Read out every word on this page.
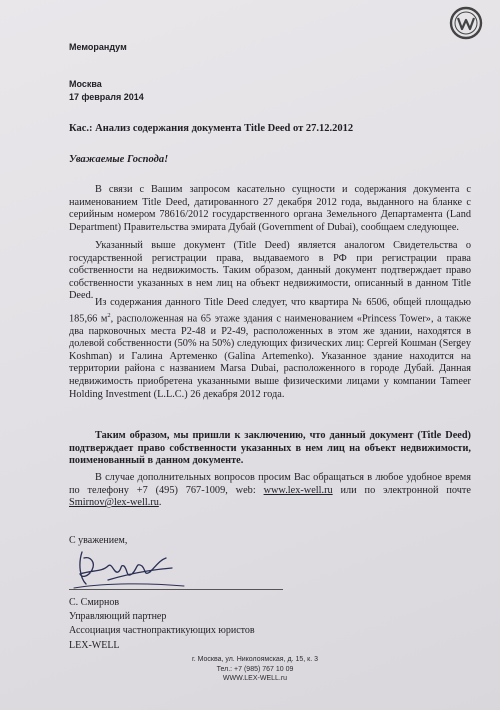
Меморандум
Москва
17 февраля 2014
Кас.: Анализ содержания документа Title Deed от 27.12.2012
Уважаемые Господа!

В связи с Вашим запросом касательно сущности и содержания документа с наименованием Title Deed, датированного 27 декабря 2012 года, выданного на бланке с серийным номером 78616/2012 государственного органа Земельного Департамента (Land Department) Правительства эмирата Дубай (Government of Dubai), сообщаем следующее.

Указанный выше документ (Title Deed) является аналогом Свидетельства о государственной регистрации права, выдаваемого в РФ при регистрации права собственности на недвижимость. Таким образом, данный документ подтверждает право собственности указанных в нем лиц на объект недвижимости, описанный в данном Title Deed.

Из содержания данного Title Deed следует, что квартира № 6506, общей площадью 185,66 $м^2$, расположенная на 65 этаже здания с наименованием «Princess Tower», а также два парковочных места P2-48 и P2-49, расположенных в этом же здании, находятся в долевой собственности (50% на 50%) следующих физических лиц: Сергей Кошман (Sergey Koshman) и Галина Артеменко (Galina Artemenko). Указанное здание находится на территории района с названием Marsa Dubai, расположенного в городе Дубай. Данная недвижимость приобретена указанными выше физическими лицами у компании Tameer Holding Investment (L.L.C.) 26 декабря 2012 года.

Таким образом, мы пришли к заключению, что данный документ (Title Deed) подтверждает право собственности указанных в нем лиц на объект недвижимости, поименованный в данном документе.

В случае дополнительных вопросов просим Вас обращаться в любое удобное время по телефону +7 (495) 767-1009, web: www.lex-well.ru или по электронной почте Smirnov@lex-well.ru.

С уважением,
С. Смирнов
Управляющий партнер
Ассоциация частнопрактикующих юристов
LEX-WELL
г. Москва, ул. Николоямская, д. 15, к. 3
Тел.: +7 (985) 767 10 09
WWW.LEX-WELL.ru
